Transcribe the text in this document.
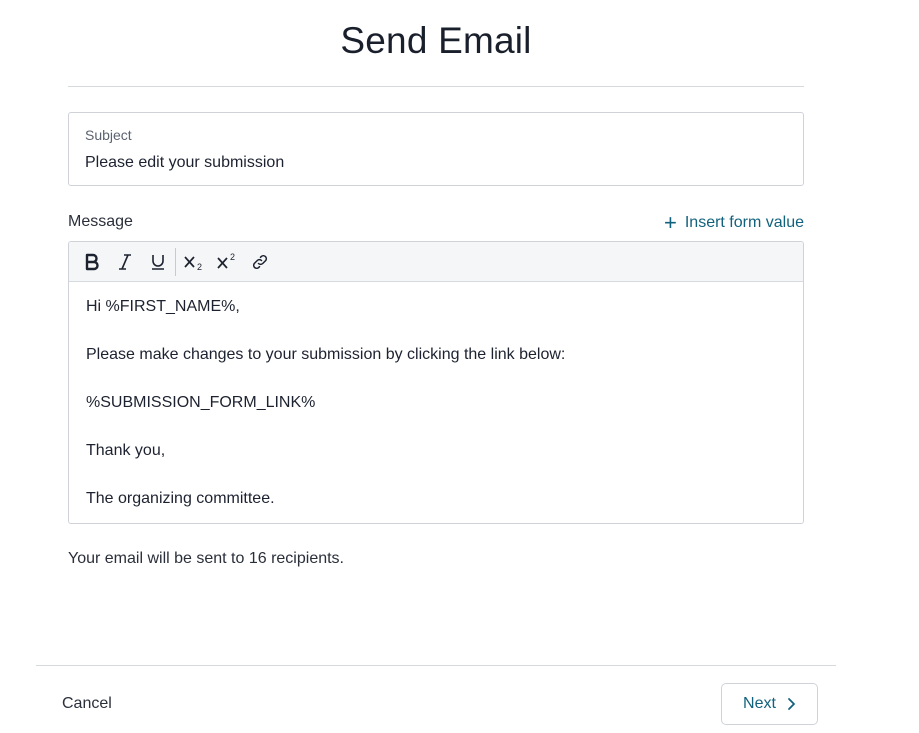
Send Email
Subject
Please edit your submission
Message	+ Insert form value
2
2

Hi %FIRST_NAME%,

Please make changes to your submission by clicking the link below:

%SUBMISSION_FORM_LINK%

Thank you,

The organizing committee.

Your email will be sent to 16 recipients.
Cancel	Next
